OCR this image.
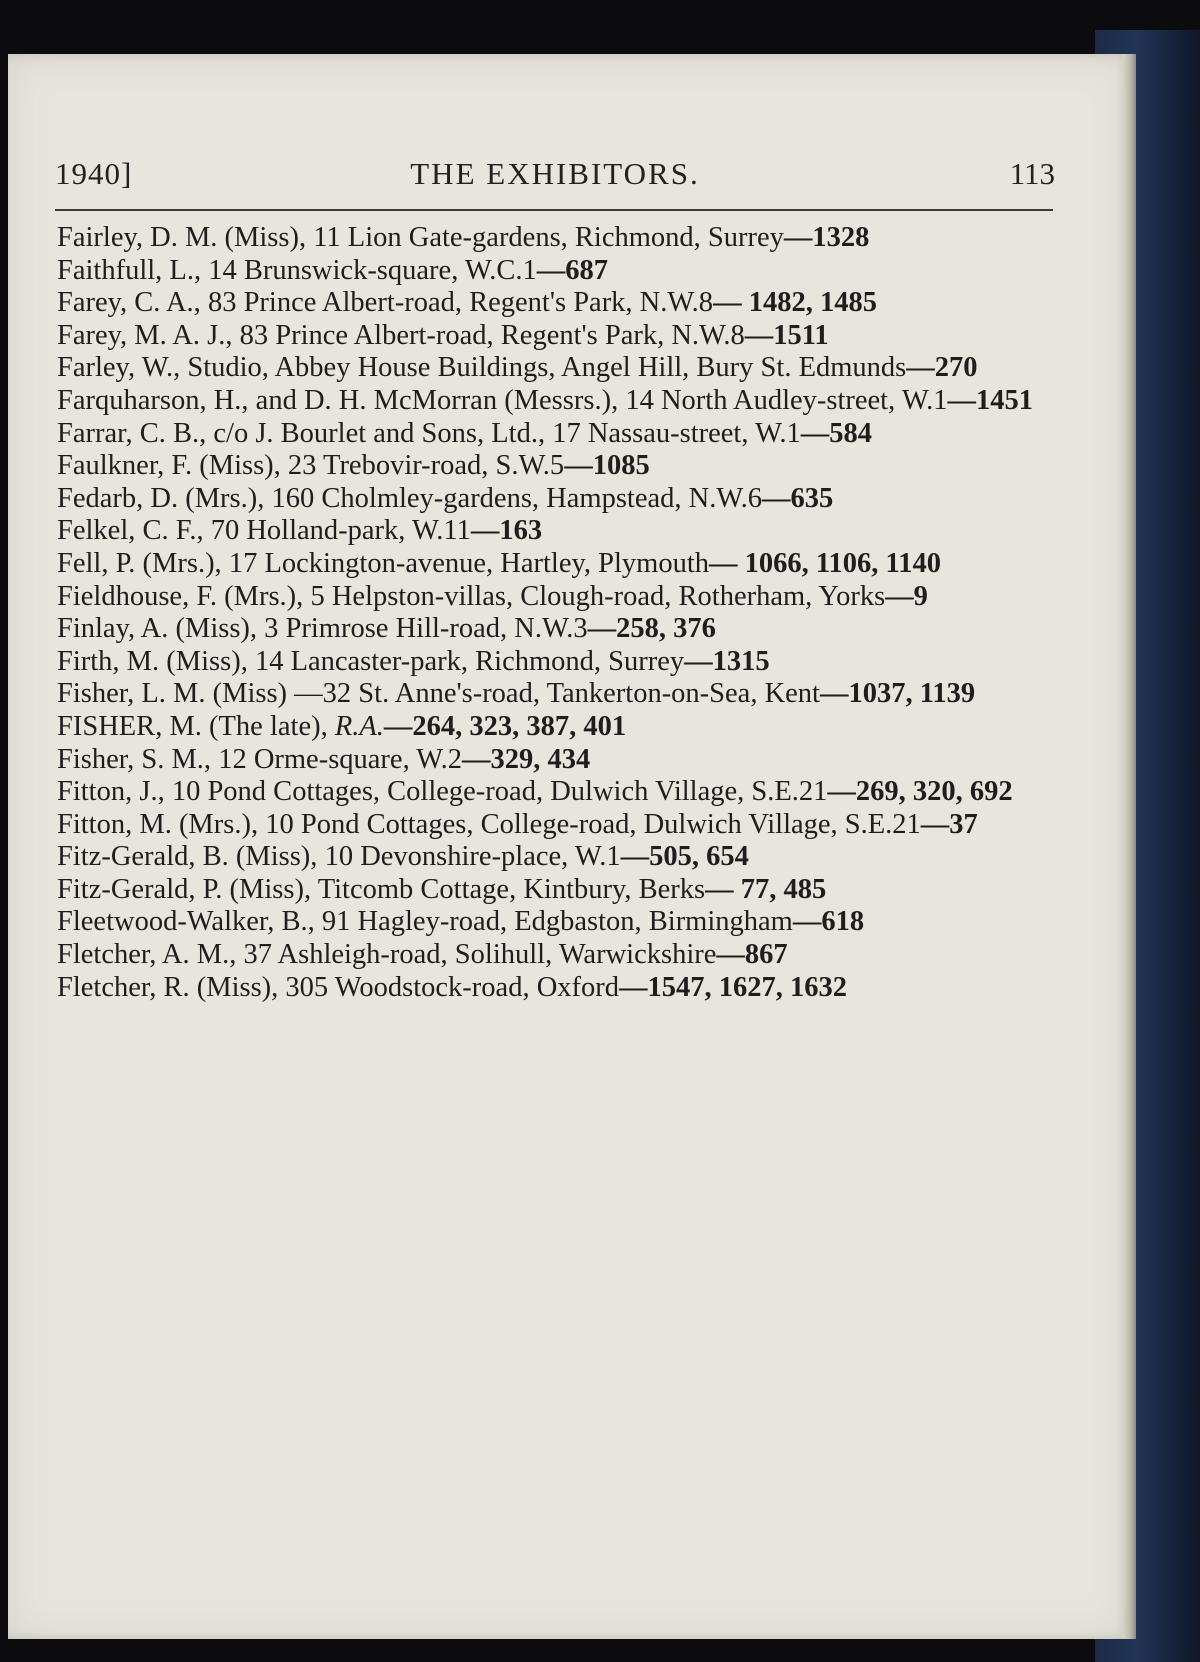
1940]	THE EXHIBITORS.	113
Fairley, D. M. (Miss), 11 Lion Gate-gardens, Richmond, Surrey—1328
Faithfull, L., 14 Brunswick-square, W.C.1—687
Farey, C. A., 83 Prince Albert-road, Regent's Park, N.W.8— 1482, 1485
Farey, M. A. J., 83 Prince Albert-road, Regent's Park, N.W.8—1511
Farley, W., Studio, Abbey House Buildings, Angel Hill, Bury St. Edmunds—270
Farquharson, H., and D. H. McMorran (Messrs.), 14 North Audley-street, W.1—1451
Farrar, C. B., c/o J. Bourlet and Sons, Ltd., 17 Nassau-street, W.1—584
Faulkner, F. (Miss), 23 Trebovir-road, S.W.5—1085
Fedarb, D. (Mrs.), 160 Cholmley-gardens, Hampstead, N.W.6—635
Felkel, C. F., 70 Holland-park, W.11—163
Fell, P. (Mrs.), 17 Lockington-avenue, Hartley, Plymouth— 1066, 1106, 1140
Fieldhouse, F. (Mrs.), 5 Helpston-villas, Clough-road, Rotherham, Yorks—9
Finlay, A. (Miss), 3 Primrose Hill-road, N.W.3—258, 376
Firth, M. (Miss), 14 Lancaster-park, Richmond, Surrey—1315
Fisher, L. M. (Miss) —32 St. Anne's-road, Tankerton-on-Sea, Kent—1037, 1139
FISHER, M. (The late), R.A.—264, 323, 387, 401
Fisher, S. M., 12 Orme-square, W.2—329, 434
Fitton, J., 10 Pond Cottages, College-road, Dulwich Village, S.E.21—269, 320, 692
Fitton, M. (Mrs.), 10 Pond Cottages, College-road, Dulwich Village, S.E.21—37
Fitz-Gerald, B. (Miss), 10 Devonshire-place, W.1—505, 654
Fitz-Gerald, P. (Miss), Titcomb Cottage, Kintbury, Berks— 77, 485
Fleetwood-Walker, B., 91 Hagley-road, Edgbaston, Birmingham—618
Fletcher, A. M., 37 Ashleigh-road, Solihull, Warwickshire—867
Fletcher, R. (Miss), 305 Woodstock-road, Oxford—1547, 1627, 1632
